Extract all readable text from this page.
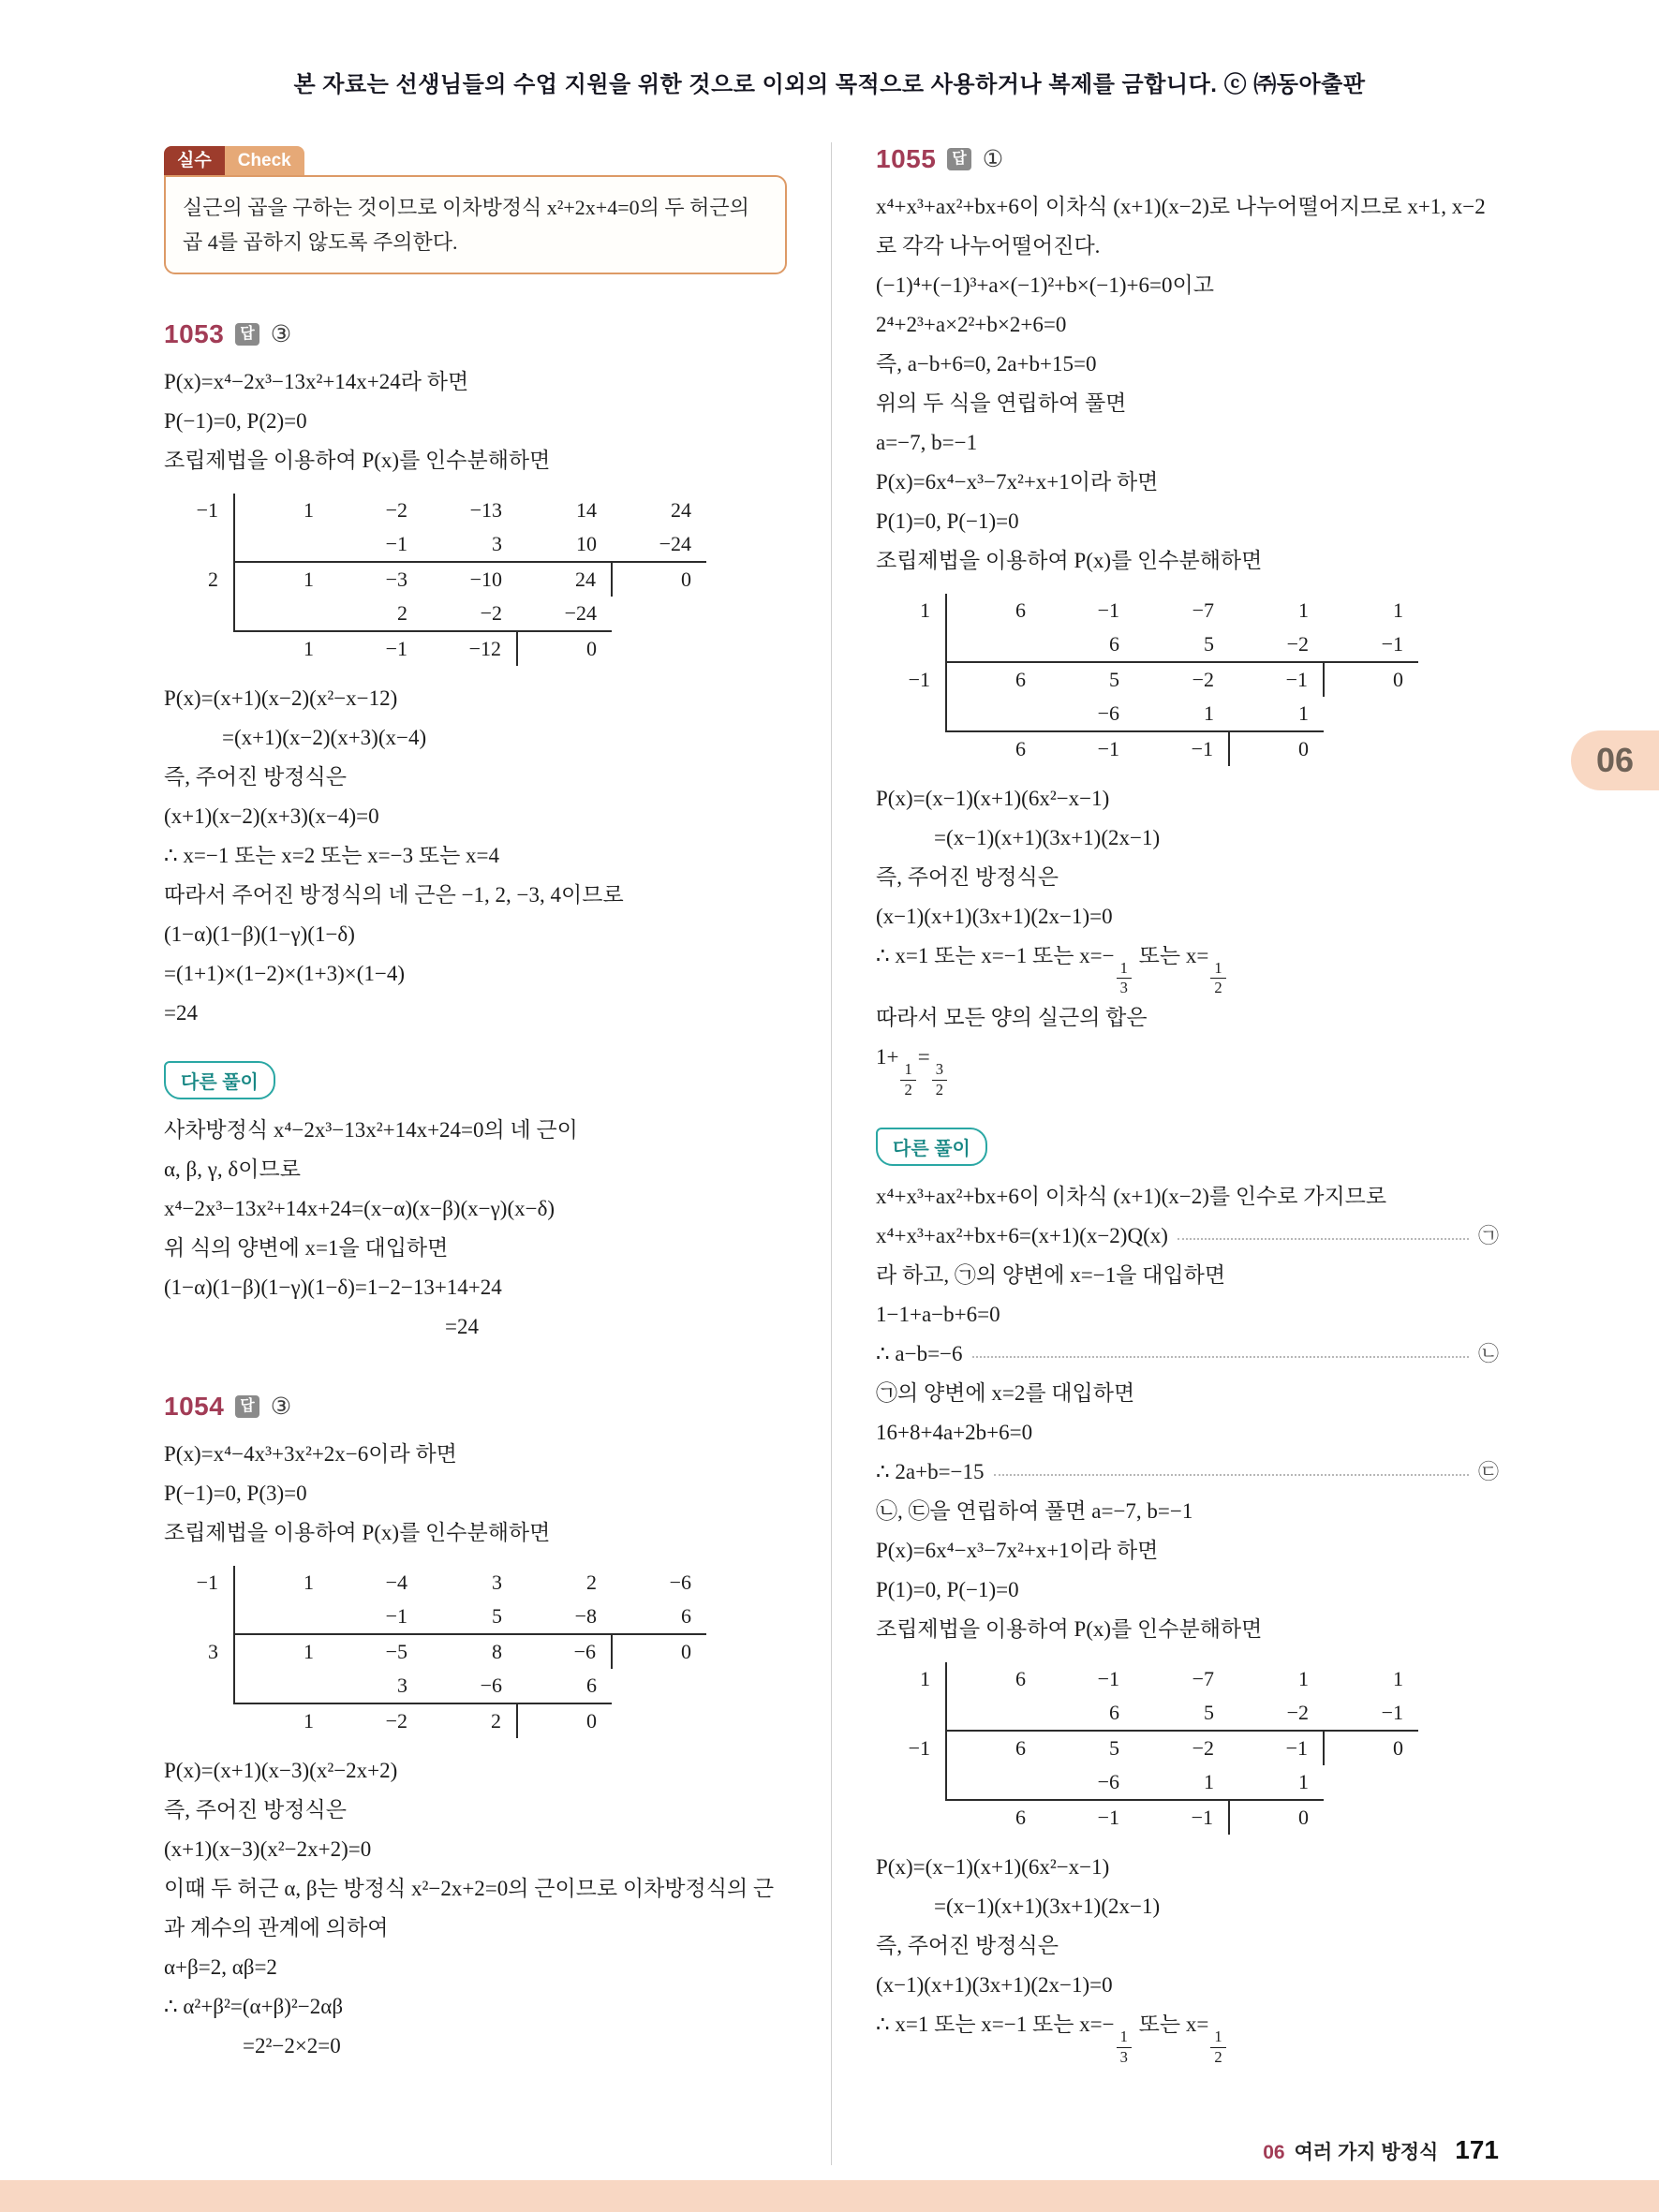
본 자료는 선생님들의 수업 지원을 위한 것으로 이외의 목적으로 사용하거나 복제를 금합니다. ⓒ ㈜동아출판
실수	Check
실근의 곱을 구하는 것이므로 이차방정식 x²+2x+4=0의 두 허근의 곱 4를 곱하지 않도록 주의한다.
1053	답 ③
P(x)=x⁴−2x³−13x²+14x+24라 하면
P(−1)=0, P(2)=0
조립제법을 이용하여 P(x)를 인수분해하면
−1	1	−2	−13	14	24
		−1	3	10	−24
2	1	−3	−10	24	0
		2	−2	−24	
	1	−1	−12	0	
P(x)=(x+1)(x−2)(x²−x−12)
=(x+1)(x−2)(x+3)(x−4)
즉, 주어진 방정식은
(x+1)(x−2)(x+3)(x−4)=0
∴ x=−1 또는 x=2 또는 x=−3 또는 x=4
따라서 주어진 방정식의 네 근은 −1, 2, −3, 4이므로
(1−α)(1−β)(1−γ)(1−δ)
=(1+1)×(1−2)×(1+3)×(1−4)
=24
다른 풀이
사차방정식 x⁴−2x³−13x²+14x+24=0의 네 근이
α, β, γ, δ이므로
x⁴−2x³−13x²+14x+24=(x−α)(x−β)(x−γ)(x−δ)
위 식의 양변에 x=1을 대입하면
(1−α)(1−β)(1−γ)(1−δ)=1−2−13+14+24
=24
1054	답 ③
P(x)=x⁴−4x³+3x²+2x−6이라 하면
P(−1)=0, P(3)=0
조립제법을 이용하여 P(x)를 인수분해하면
−1	1	−4	3	2	−6
		−1	5	−8	6
3	1	−5	8	−6	0
		3	−6	6	
	1	−2	2	0	
P(x)=(x+1)(x−3)(x²−2x+2)
즉, 주어진 방정식은
(x+1)(x−3)(x²−2x+2)=0
이때 두 허근 α, β는 방정식 x²−2x+2=0의 근이므로 이차방정식의 근과 계수의 관계에 의하여
α+β=2, αβ=2
∴ α²+β²=(α+β)²−2αβ
=2²−2×2=0
1055	답 ①
x⁴+x³+ax²+bx+6이 이차식 (x+1)(x−2)로 나누어떨어지므로 x+1, x−2로 각각 나누어떨어진다.
(−1)⁴+(−1)³+a×(−1)²+b×(−1)+6=0이고
2⁴+2³+a×2²+b×2+6=0
즉, a−b+6=0, 2a+b+15=0
위의 두 식을 연립하여 풀면
a=−7, b=−1
P(x)=6x⁴−x³−7x²+x+1이라 하면
P(1)=0, P(−1)=0
조립제법을 이용하여 P(x)를 인수분해하면
1	6	−1	−7	1	1
		6	5	−2	−1
−1	6	5	−2	−1	0
		−6	1	1	
	6	−1	−1	0	
P(x)=(x−1)(x+1)(6x²−x−1)
=(x−1)(x+1)(3x+1)(2x−1)
즉, 주어진 방정식은
(x−1)(x+1)(3x+1)(2x−1)=0
∴ x=1 또는 x=−1 또는 x=−
$\frac{1}{3}$
또는 x=
$\frac{1}{2}$
따라서 모든 양의 실근의 합은
1+
$\frac{1}{2}$
=
$\frac{3}{2}$
다른 풀이
x⁴+x³+ax²+bx+6이 이차식 (x+1)(x−2)를 인수로 가지므로
x⁴+x³+ax²+bx+6=(x+1)(x−2)Q(x)	㉠
라 하고, ㉠의 양변에 x=−1을 대입하면
1−1+a−b+6=0
∴ a−b=−6	㉡
㉠의 양변에 x=2를 대입하면
16+8+4a+2b+6=0
∴ 2a+b=−15	㉢
㉡, ㉢을 연립하여 풀면 a=−7, b=−1
P(x)=6x⁴−x³−7x²+x+1이라 하면
P(1)=0, P(−1)=0
조립제법을 이용하여 P(x)를 인수분해하면
1	6	−1	−7	1	1
		6	5	−2	−1
−1	6	5	−2	−1	0
		−6	1	1	
	6	−1	−1	0	
P(x)=(x−1)(x+1)(6x²−x−1)
=(x−1)(x+1)(3x+1)(2x−1)
즉, 주어진 방정식은
(x−1)(x+1)(3x+1)(2x−1)=0
∴ x=1 또는 x=−1 또는 x=−
$\frac{1}{3}$
또는 x=
$\frac{1}{2}$
06
06 여러 가지 방정식 171
